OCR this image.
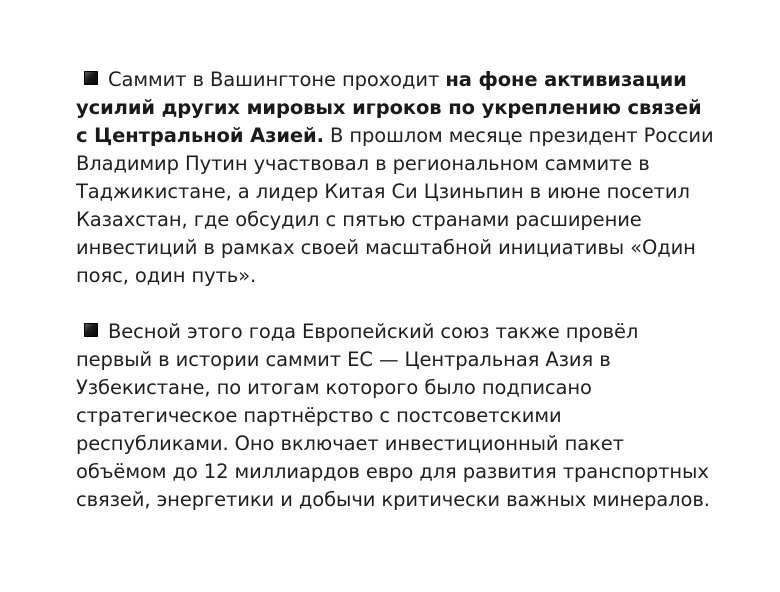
Саммит в Вашингтоне проходит на фоне активизации усилий других мировых игроков по укреплению связей с Центральной Азией. В прошлом месяце президент России Владимир Путин участвовал в региональном саммите в Таджикистане, а лидер Китая Си Цзиньпин в июне посетил Казахстан, где обсудил с пятью странами расширение инвестиций в рамках своей масштабной инициативы «Один пояс, один путь».

Весной этого года Европейский союз также провёл первый в истории саммит ЕС — Центральная Азия в Узбекистане, по итогам которого было подписано стратегическое партнёрство с постсоветскими республиками. Оно включает инвестиционный пакет объёмом до 12 миллиардов евро для развития транспортных связей, энергетики и добычи критически важных минералов.
